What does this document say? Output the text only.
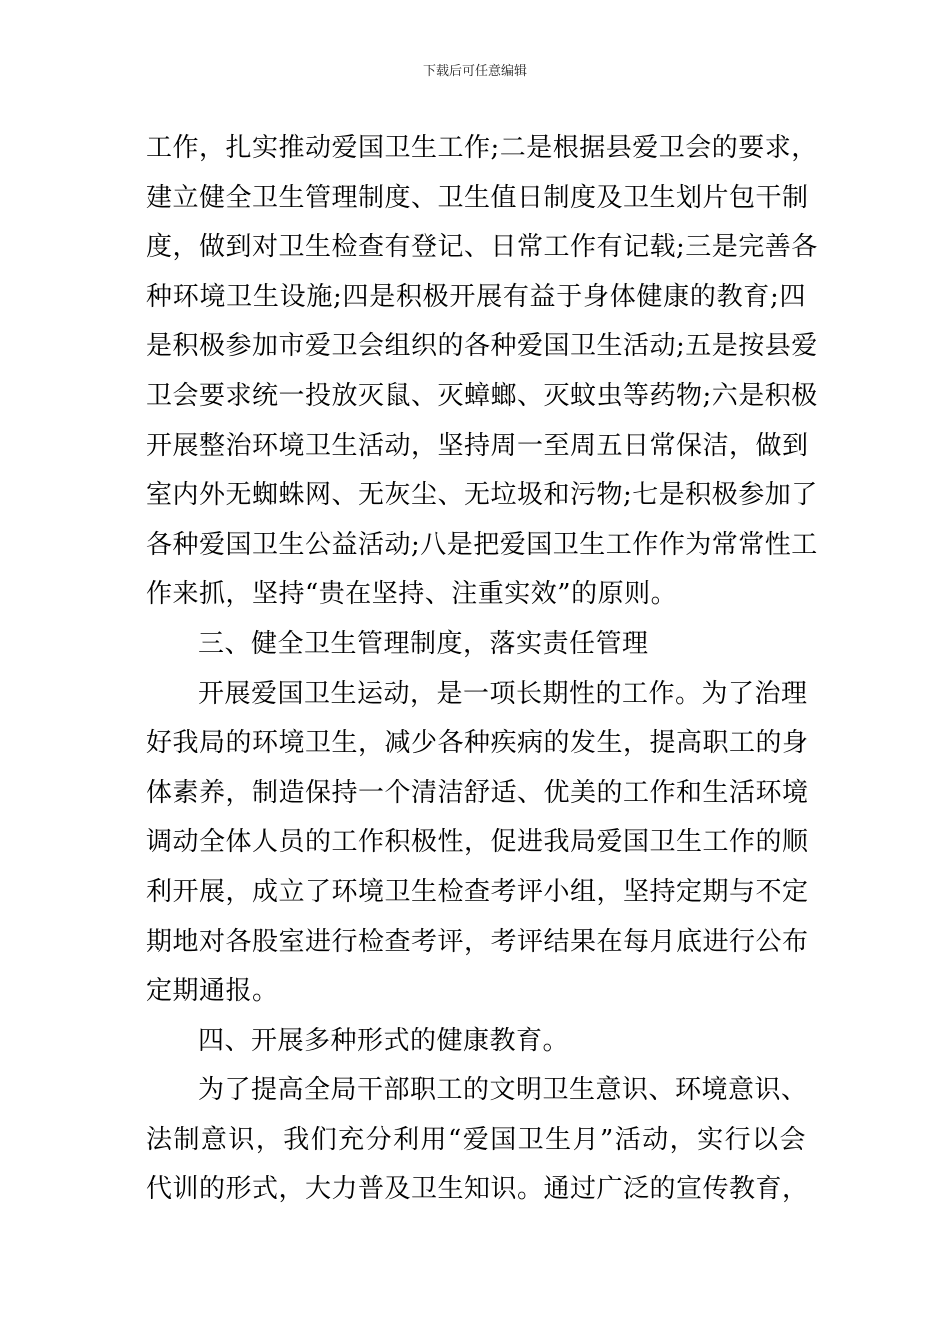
下载后可任意编辑
工作，扎实推动爱国卫生工作;二是根据县爱卫会的要求，
建立健全卫生管理制度、卫生值日制度及卫生划片包干制
度，做到对卫生检查有登记、日常工作有记载;三是完善各
种环境卫生设施;四是积极开展有益于身体健康的教育;四
是积极参加市爱卫会组织的各种爱国卫生活动;五是按县爱
卫会要求统一投放灭鼠、灭蟑螂、灭蚊虫等药物;六是积极
开展整治环境卫生活动，坚持周一至周五日常保洁，做到
室内外无蜘蛛网、无灰尘、无垃圾和污物;七是积极参加了
各种爱国卫生公益活动;八是把爱国卫生工作作为常常性工
作来抓，坚持“贵在坚持、注重实效”的原则。
三、健全卫生管理制度，落实责任管理
开展爱国卫生运动，是一项长期性的工作。为了治理
好我局的环境卫生，减少各种疾病的发生，提高职工的身
体素养，制造保持一个清洁舒适、优美的工作和生活环境
调动全体人员的工作积极性，促进我局爱国卫生工作的顺
利开展，成立了环境卫生检查考评小组，坚持定期与不定
期地对各股室进行检查考评，考评结果在每月底进行公布
定期通报。
四、开展多种形式的健康教育。
为了提高全局干部职工的文明卫生意识、环境意识、
法制意识，我们充分利用“爱国卫生月”活动，实行以会
代训的形式，大力普及卫生知识。通过广泛的宣传教育，
